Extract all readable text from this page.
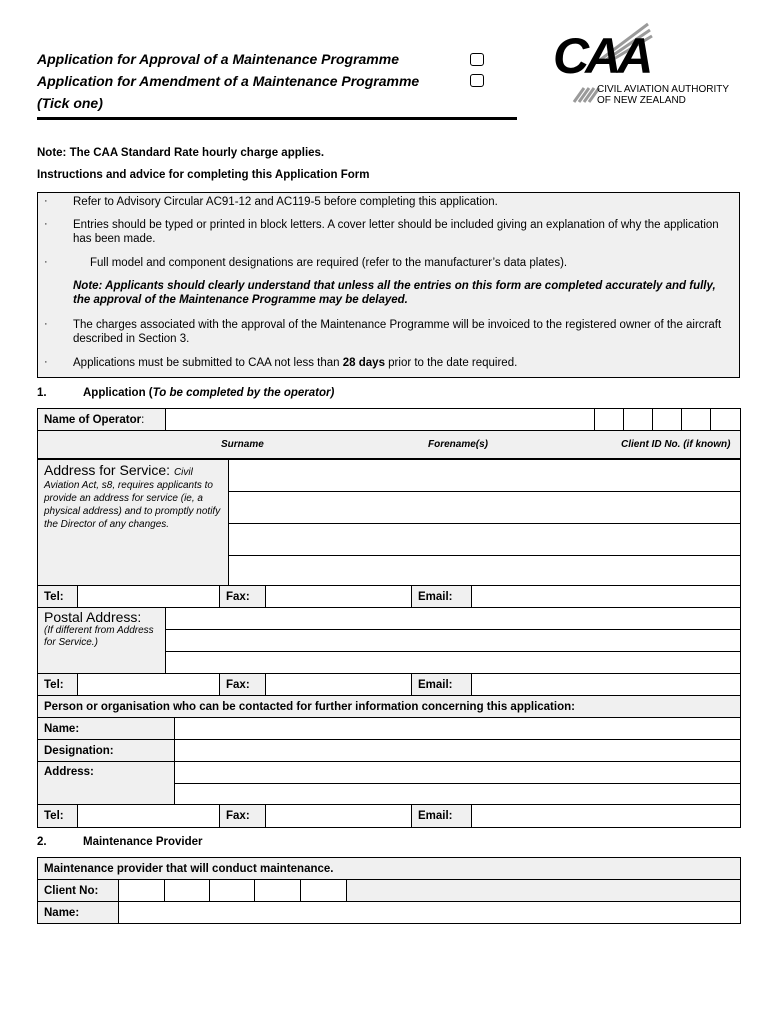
Application for Approval of a Maintenance Programme
Application for Amendment of a Maintenance Programme
(Tick one)
CAA
CIVIL AVIATION AUTHORITY
OF NEW ZEALAND
Note: The CAA Standard Rate hourly charge applies.
Instructions and advice for completing this Application Form
· Refer to Advisory Circular AC91-12 and AC119-5 before completing this application.
· Entries should be typed or printed in block letters. A cover letter should be included giving an explanation of why the application has been made.
·	Full model and component designations are required (refer to the manufacturer’s data plates).
Note: Applicants should clearly understand that unless all the entries on this form are completed accurately and fully, the approval of the Maintenance Programme may be delayed.
· The charges associated with the approval of the Maintenance Programme will be invoiced to the registered owner of the aircraft described in Section 3.
· Applications must be submitted to CAA not less than 28 days prior to the date required.
1.	Application (To be completed by the operator)
Name of Operator:						

Surname	Forename(s)	Client ID No. (if known)
Address for Service: Civil Aviation Act, s8, requires applicants to provide an address for service (ie, a physical address) and to promptly notify the Director of any changes.	

Tel:		Fax:		Email:	
Postal Address:
(If different from Address for Service.)

Tel:		Fax:		Email:	
Person or organisation who can be contacted for further information concerning this application:	
Name:	
Designation:	
Address:	

Tel:		Fax:		Email:	
2.	Maintenance Provider
Maintenance provider that will conduct maintenance.						
Client No:						
Name:						
